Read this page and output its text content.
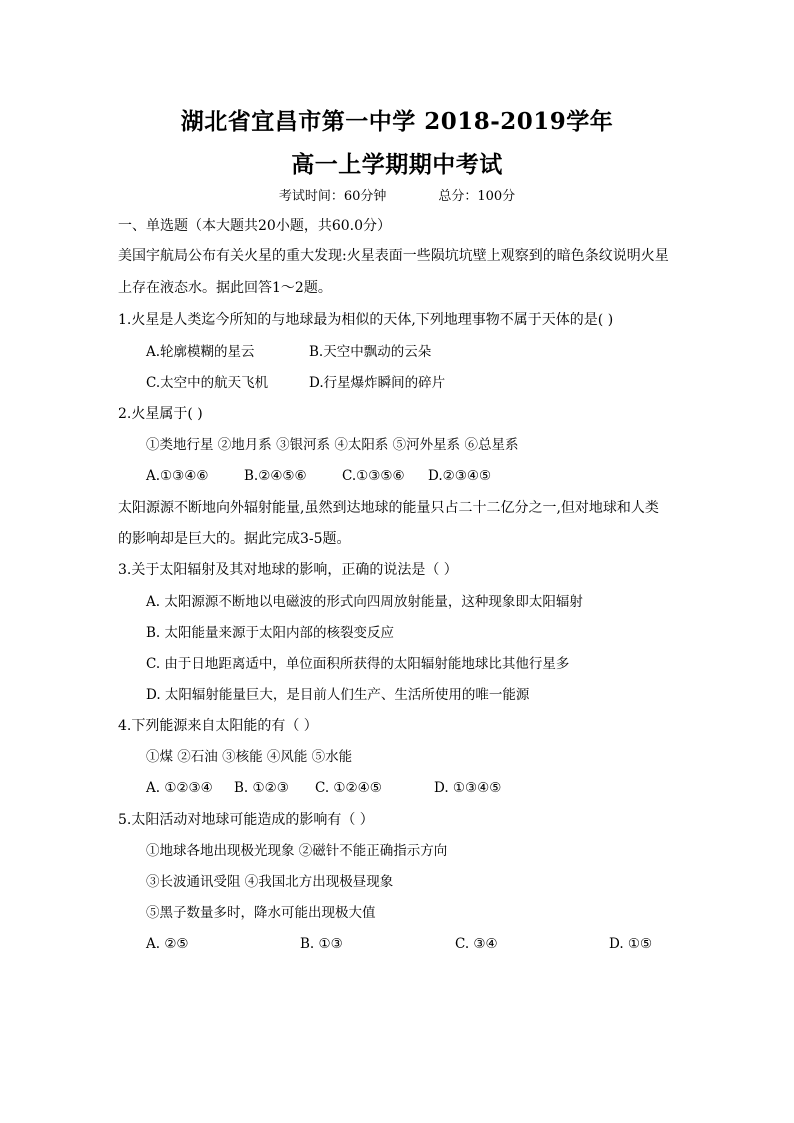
湖北省宜昌市第一中学 2018-2019学年
高一上学期期中考试
考试时间：60分钟	总分：100分
一、单选题（本大题共20小题，共60.0分）
美国宇航局公布有关火星的重大发现:火星表面一些陨坑坑壁上观察到的暗色条纹说明火星
上存在液态水。据此回答1～2题。
1.火星是人类迄今所知的与地球最为相似的天体,下列地理事物不属于天体的是( )
A.轮廓模糊的星云	B.天空中飘动的云朵
C.太空中的航天飞机	D.行星爆炸瞬间的碎片
2.火星属于( )
①类地行星 ②地月系 ③银河系 ④太阳系 ⑤河外星系 ⑥总星系
A.①③④⑥	B.②④⑤⑥	C.①③⑤⑥ D.②③④⑤
太阳源源不断地向外辐射能量,虽然到达地球的能量只占二十二亿分之一,但对地球和人类
的影响却是巨大的。据此完成3-5题。
3.关于太阳辐射及其对地球的影响，正确的说法是（ ）
A. 太阳源源不断地以电磁波的形式向四周放射能量，这种现象即太阳辐射
B. 太阳能量来源于太阳内部的核裂变反应
C. 由于日地距离适中，单位面积所获得的太阳辐射能地球比其他行星多
D. 太阳辐射能量巨大，是目前人们生产、生活所使用的唯一能源
4.下列能源来自太阳能的有（ ）
①煤 ②石油 ③核能 ④风能 ⑤水能
A. ①②③④ B. ①②③ C. ①②④⑤	D. ①③④⑤
5.太阳活动对地球可能造成的影响有（ ）
①地球各地出现极光现象 ②磁针不能正确指示方向
③长波通讯受阻 ④我国北方出现极昼现象
⑤黑子数量多时，降水可能出现极大值
A. ②⑤	B. ①③	C. ③④	D. ①⑤
